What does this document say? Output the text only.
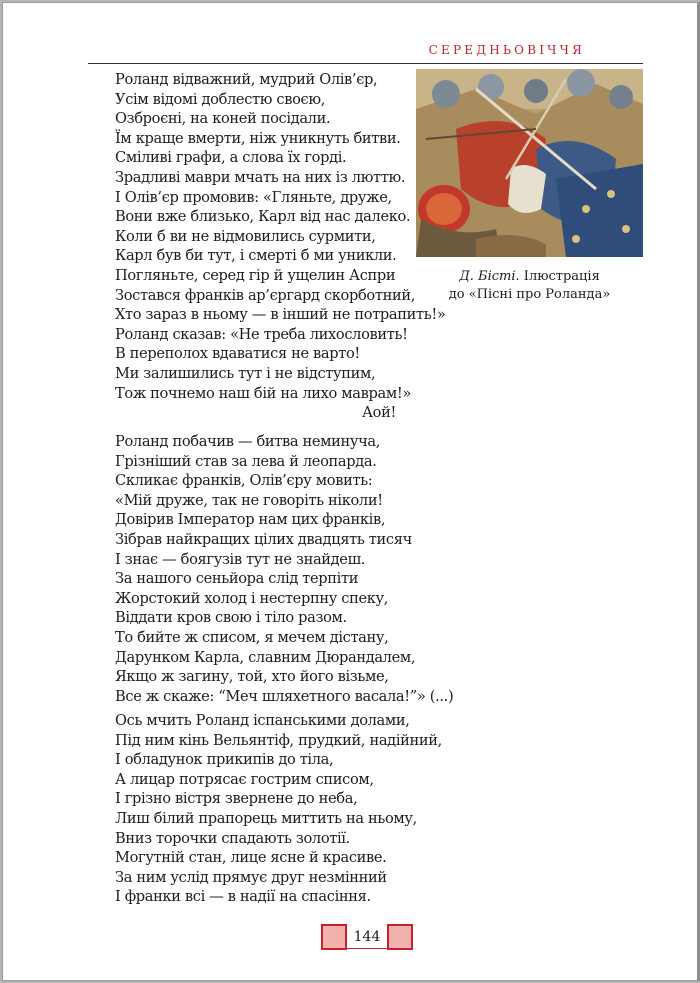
СЕРЕДНЬОВІЧЧЯ
Роланд відважний, мудрий Олів’єр,
Усім відомі доблестю своєю,
Озброєні, на коней посідали.
Їм краще вмерти, ніж уникнуть битви.
Сміливі графи, а слова їх горді.
Зрадливі маври мчать на них із люттю.
І Олів’єр промовив: «Гляньте, друже,
Вони вже близько, Карл від нас далеко.
Коли б ви не відмовились сурмити,
Карл був би тут, і смерті б ми уникли.
Погляньте, серед гір й ущелин Аспри
Зостався франків ар’єргард скорботний,
Хто зараз в ньому — в інший не потрапить!»
Роланд сказав: «Не треба лихословить!
В переполох вдаватися не варто!
Ми залишились тут і не відступим,
Тож почнемо наш бій на лихо маврам!»
Аой!
Роланд побачив — битва неминуча,
Грізніший став за лева й леопарда.
Скликає франків, Олів’єру мовить:
«Мій друже, так не говоріть ніколи!
Довірив Імператор нам цих франків,
Зібрав найкращих цілих двадцять тисяч
І знає — боягузів тут не знайдеш.
За нашого сеньйора слід терпіти
Жорстокий холод і нестерпну спеку,
Віддати кров свою і тіло разом.
То бийте ж списом, я мечем дістану,
Дарунком Карла, славним Дюрандалем,
Якщо ж загину, той, хто його візьме,
Все ж скаже: “Меч шляхетного васала!”» (...)
Ось мчить Роланд іспанськими долами,
Під ним кінь Вельянтіф, прудкий, надійний,
І обладунок прикипів до тіла,
А лицар потрясає гострим списом,
І грізно вістря звернене до неба,
Лиш білий прапорець миттить на ньому,
Вниз торочки спадають золотії.
Могутній стан, лице ясне й красиве.
За ним услід прямує друг незмінний
І франки всі — в надії на спасіння.
Д. Бісті. Ілюстрація
до «Пісні про Роланда»
144
